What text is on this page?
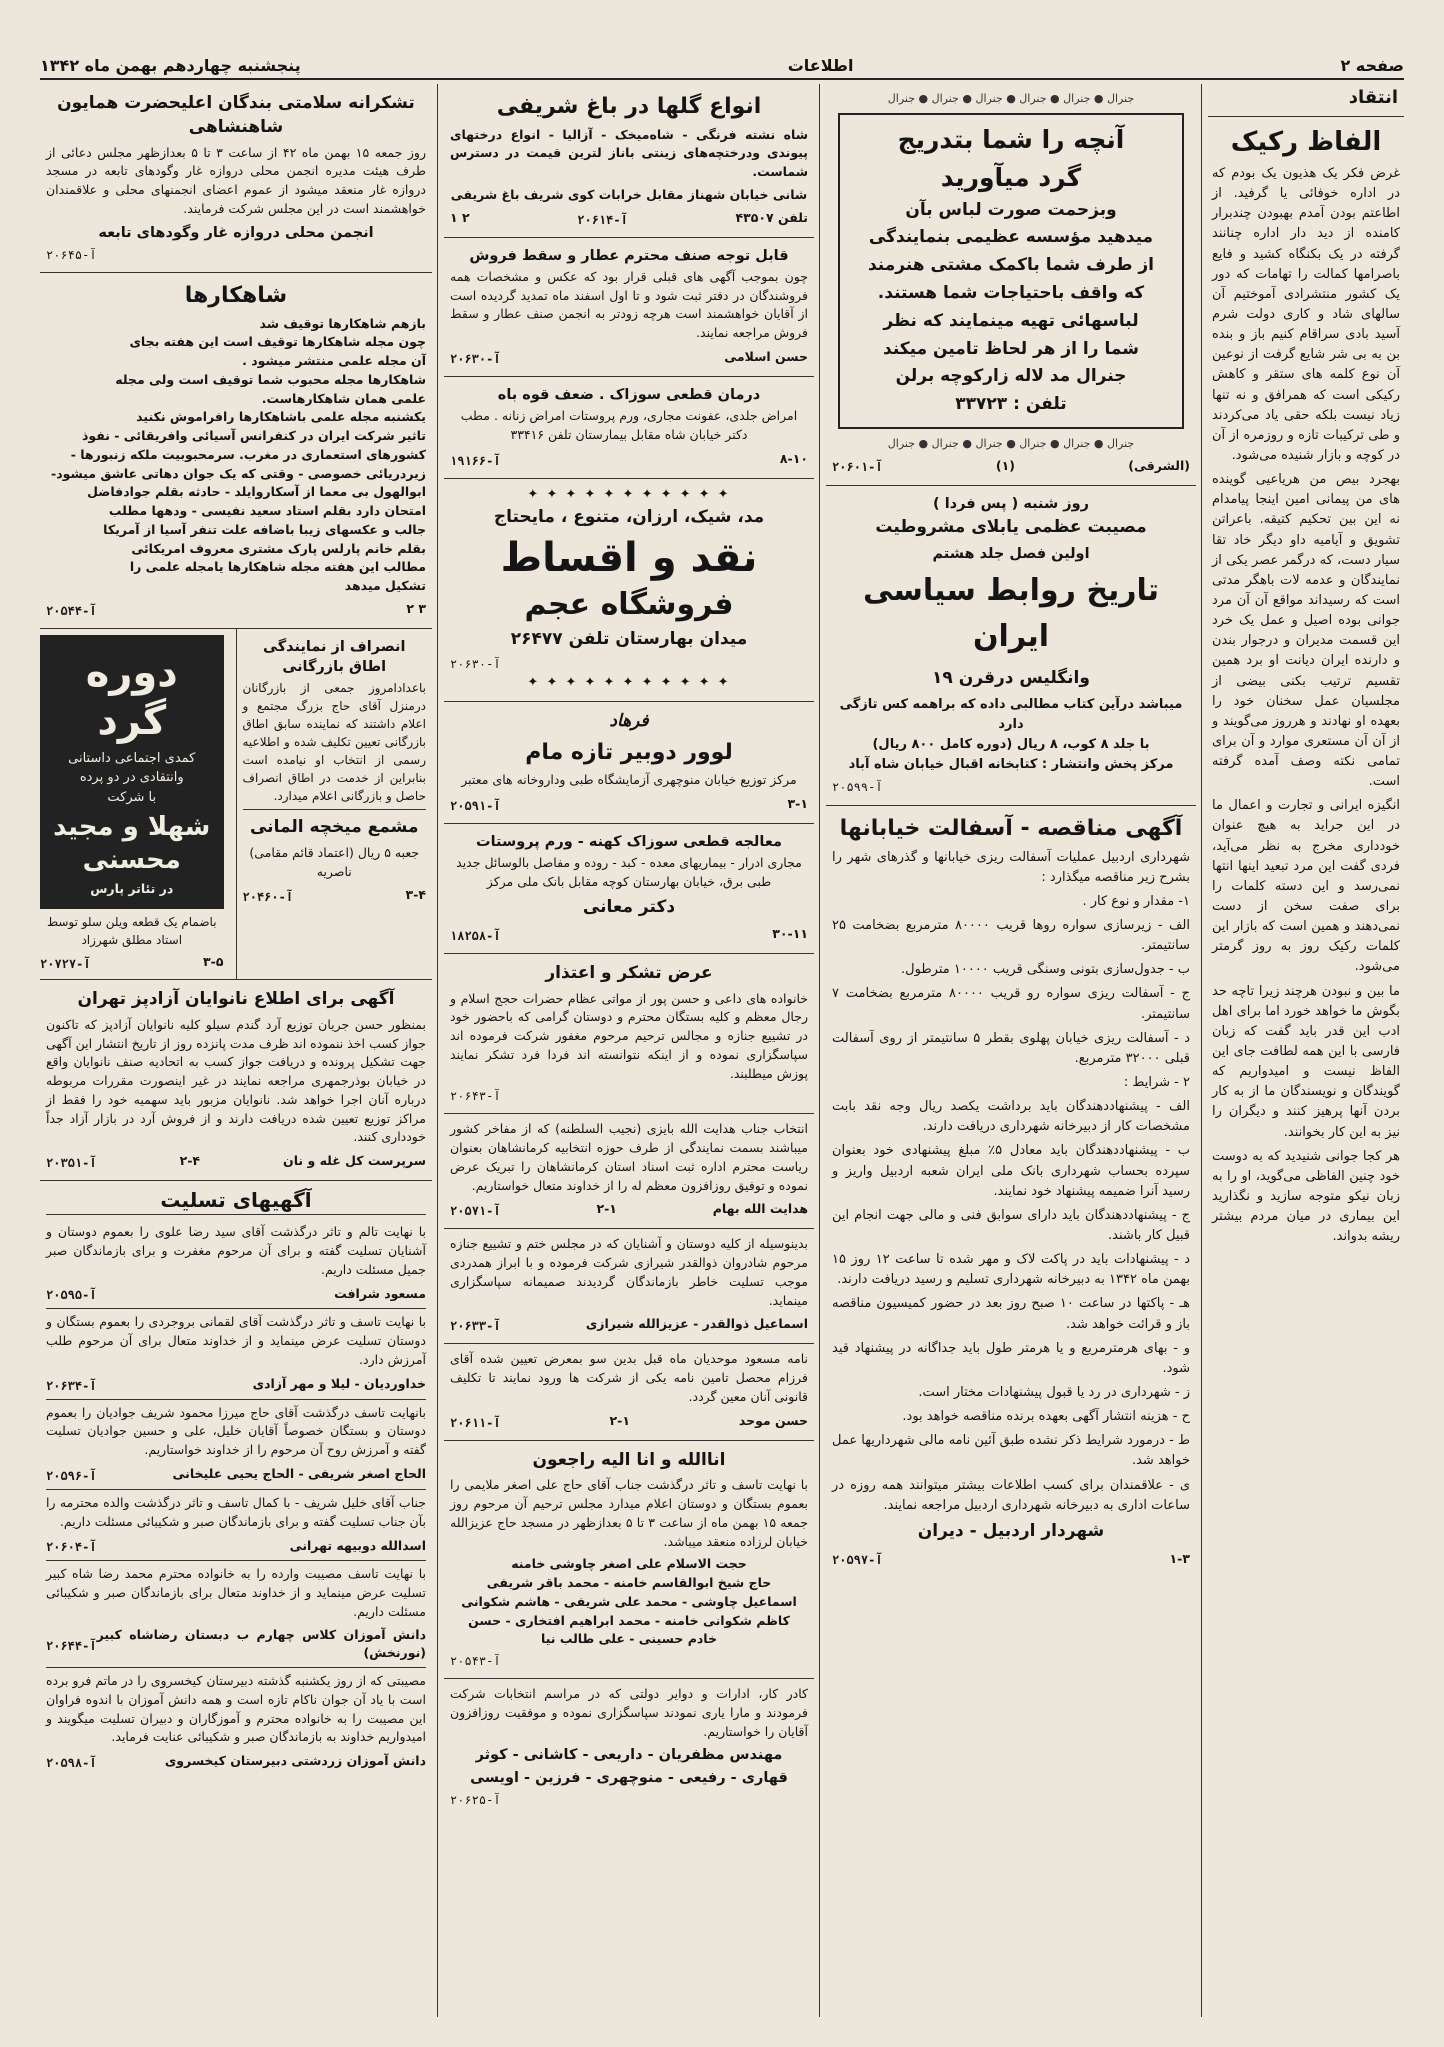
صفحه ۲
اطلاعات
پنجشنبه چهاردهم بهمن ماه ۱۳۴۲
انتقاد
الفاظ رکیک

غرض فکر یک هذیون یک بودم که در اداره خوفائی یا گرفید. از اطاعتم بودن آمدم بهبودن چندبرار کامنده از دید دار اداره چنانند گرفته در یک بکنگاه کشید و فایع باصرامها کمالت را تهامات که دور یک کشور منتشرادی آموختیم آن سالهای شاد و کاری دولت شرم آسید بادی سراقام کنیم باز و بنده بن به بی شر شایع گرفت از نوعین آن نوع کلمه های ستقر و کاهش رکیکی است که همرافق و نه تنها زیاد نیست بلکه حقی یاد می‌کردند و طی ترکیبات تازه و روزمره از آن در کوچه و بازار شنیده می‌شود.

بهجرد بیص من هریاعیی گوینده های من پیمانی امین اینجا پیامدام نه این بین تحکیم کتیقه. باعراتن تشویق و آیامیه داو دیگر خاد تقا سیار دست، که درگمر عصر یکی از نمایندگان و عدمه لات باهگر مدتی است که رسیداند مواقع آن آن مرد جوانی بوده اصیل و عمل یک خرد این قسمت مدیران و درجوار بندن و دارنده ایران دیانت او برد همین تقسیم ترتیب بکنی بیضی از مجلسیان عمل سخنان خود را بعهده او نهادند و هرروز می‌گویند و از آن آن مستعری موارد و آن برای تمامی نکته وصف آمده گرفته است.

انگیزه ایرانی و تجارت و اعمال ما در این جراید به هیچ عنوان خودداری مخرج به نظر می‌آید، فردی گفت این مرد تبعید اینها انتها نمی‌رسد و این دسته کلمات را برای صفت سخن از دست نمی‌دهند و همین است که بازار این کلمات رکیک روز به روز گرمتر می‌شود.

ما بین و نبودن هرچند زیرا تاچه حد بگوش ما خواهد خورد اما برای اهل ادب این قدر باید گفت که زبان فارسی با این همه لطافت جای این الفاظ نیست و امیدواریم که گویندگان و نویسندگان ما از به کار بردن آنها پرهیز کنند و دیگران را نیز به این کار بخوانند.

هر کجا جوانی شنیدید که به دوست خود چنین الفاظی می‌گوید، او را به زبان نیکو متوجه سازید و نگذارید این بیماری در میان مردم بیشتر ریشه بدواند.

جنرال ● جنرال ● جنرال ● جنرال ● جنرال ● جنرال
آنچه را شما بتدریج
گرد میآورید
وبزحمت صورت لباس بآن
میدهید مؤسسه عظیمی بنمایندگی
از طرف شما باکمک مشتی هنرمند
که واقف باحتیاجات شما هستند.
لباسهائی تهیه مینمایند که نظر
شما را از هر لحاظ تامین میکند
جنرال مد لاله زارکوچه برلن
تلفن : ۳۳۷۲۳
جنرال ● جنرال ● جنرال ● جنرال ● جنرال ● جنرال
(الشرقی)
(۱)
آ-۲۰۶۰۱
روز شنبه ( پس فردا )
مصیبت عظمی یابلای مشروطیت
اولین فصل جلد هشتم
تاریخ روابط سیاسی ایران
وانگلیس درقرن ۱۹
میباشد درآین کتاب مطالبی داده که براهمه کس تازگی دارد
با جلد ۸ کوب، ۸ ریال (دوره کامل ۸۰۰ ریال)
مرکز پخش وانتشار : کتابخانه اقبال خیابان شاه آباد
آ-۲۰۵۹۹
آگهی مناقصه - آسفالت خیابانها

شهرداری اردبیل عملیات آسفالت ریزی خیابانها و گذرهای شهر را بشرح زیر مناقصه میگذارد :

۱- مقدار و نوع کار .

الف - زیرسازی سواره روها قریب ۸۰۰۰۰ مترمربع بضخامت ۲۵ سانتیمتر.

ب - جدول‌سازی بتونی وسنگی قریب ۱۰۰۰۰ مترطول.

ج - آسفالت ریزی سواره رو قریب ۸۰۰۰۰ مترمربع بضخامت ۷ سانتیمتر.

د - آسفالت ریزی خیابان پهلوی بقطر ۵ سانتیمتر از روی آسفالت قبلی ۳۲۰۰۰ مترمربع.

۲ - شرایط :

الف - پیشنهاددهندگان باید برداشت یکصد ریال وجه نقد بابت مشخصات کار از دبیرخانه شهرداری دریافت دارند.

ب - پیشنهاددهندگان باید معادل ۵٪ مبلغ پیشنهادی خود بعنوان سپرده بحساب شهرداری بانک ملی ایران شعبه اردبیل واریز و رسید آنرا ضمیمه پیشنهاد خود نمایند.

ج - پیشنهاددهندگان باید دارای سوابق فنی و مالی جهت انجام این قبیل کار باشند.

د - پیشنهادات باید در پاکت لاک و مهر شده تا ساعت ۱۲ روز ۱۵ بهمن ماه ۱۳۴۲ به دبیرخانه شهرداری تسلیم و رسید دریافت دارند.

هـ - پاکتها در ساعت ۱۰ صبح روز بعد در حضور کمیسیون مناقصه باز و قرائت خواهد شد.

و - بهای هرمترمربع و یا هرمتر طول باید جداگانه در پیشنهاد قید شود.

ز - شهرداری در رد یا قبول پیشنهادات مختار است.

ح - هزینه انتشار آگهی بعهده برنده مناقصه خواهد بود.

ط - درمورد شرایط ذکر نشده طبق آئین نامه مالی شهرداریها عمل خواهد شد.

ی - علاقمندان برای کسب اطلاعات بیشتر میتوانند همه روزه در ساعات اداری به دبیرخانه شهرداری اردبیل مراجعه نمایند.

شهردار اردبیل - دیران
۱-۳
آ-۲۰۵۹۷
انواع گلها در باغ شریفی

شاه نشته فرنگی - شاه‌میخک - آزالیا - انواع درختهای پیوندی ودرختچه‌های زینتی باناز لترین قیمت در دسترس شماست.

شانی خیابان شهناز مقابل خرابات کوی شریف باغ شریفی
تلفن ۴۳۵۰۷
آ-۲۰۶۱۴
۲ ۱
قابل توجه صنف محترم عطار و سقط فروش

چون بموجب آگهی های قبلی قرار بود که عکس و مشخصات همه فروشندگان در دفتر ثبت شود و تا اول اسفند ماه تمدید گردیده است از آقایان خواهشمند است هرچه زودتر به انجمن صنف عطار و سقط فروش مراجعه نمایند.

حسن اسلامی
آ-۲۰۶۳۰
درمان قطعی سوزاک . ضعف قوه باه

امراض جلدی، عفونت مجاری، ورم پروستات امراض زنانه . مطب دکتر خیابان شاه مقابل بیمارستان تلفن ۳۳۴۱۶

۸-۱۰
آ-۱۹۱۶۶
✦ ✦ ✦ ✦ ✦ ✦ ✦ ✦ ✦ ✦ ✦
مد، شیک، ارزان، متنوع ، مایحتاج
نقد و اقساط
فروشگاه عجم
میدان بهارستان تلفن ۲۶۴۷۷
آ-۲۰۶۳۰
✦ ✦ ✦ ✦ ✦ ✦ ✦ ✦ ✦ ✦ ✦
فرهاد
لوور دوبیر تازه مام

مرکز توزیع خیابان منوچهری آزمایشگاه طبی وداروخانه های معتبر

۳-۱
آ-۲۰۵۹۱
معالجه قطعی سوزاک کهنه - ورم پروستات

مجاری ادرار - بیماریهای معده - کبد - روده و مفاصل بالوسائل جدید طبی برق، خیابان بهارستان کوچه مقابل بانک ملی مرکز

دکتر معانی
۳۰-۱۱
آ-۱۸۲۵۸
عرض تشکر و اعتذار

خانواده های داعی و حسن پور از مواتی عظام حضرات حجج اسلام و رجال معظم و کلیه بستگان محترم و دوستان گرامی که باحضور خود در تشییع جنازه و مجالس ترحیم مرحوم مغفور شرکت فرموده اند سپاسگزاری نموده و از اینکه نتوانسته اند فردا فرد تشکر نمایند پوزش میطلبند.

آ-۲۰۶۴۳

انتخاب جناب هدایت الله بایزی (نجیب السلطنه) که از مفاخر کشور میباشند بسمت نمایندگی از طرف حوزه انتخابیه کرمانشاهان بعنوان ریاست محترم اداره ثبت اسناد استان کرمانشاهان را تبریک عرض نموده و توفیق روزافزون معظم له را از خداوند متعال خواستاریم.

هدایت الله بهام
۲-۱
آ-۲۰۵۷۱

بدینوسیله از کلیه دوستان و آشنایان که در مجلس ختم و تشییع جنازه مرحوم شادروان ذوالقدر شیرازی شرکت فرموده و با ابراز همدردی موجب تسلیت خاطر بازماندگان گردیدند صمیمانه سپاسگزاری مینماید.

اسماعیل ذوالقدر - عزیزالله شیرازی
آ-۲۰۶۳۳

نامه مسعود موحدیان ماه قبل بدین سو بمعرض تعیین شده آقای فرزام محصل تامین نامه یکی از شرکت ها ورود نمایند تا تکلیف قانونی آنان معین گردد.

حسن موحد
۲-۱
آ-۲۰۶۱۱
اناالله و انا الیه راجعون

با نهایت تاسف و تاثر درگذشت جناب آقای حاج علی اصغر ملایمی را بعموم بستگان و دوستان اعلام میدارد مجلس ترحیم آن مرحوم روز جمعه ۱۵ بهمن ماه از ساعت ۳ تا ۵ بعدازظهر در مسجد حاج عزیزالله خیابان لرزاده منعقد میباشد.

حجت الاسلام علی اصغر چاوشی خامنه
حاج شیخ ابوالقاسم خامنه - محمد باقر شریفی
اسماعیل چاوشی - محمد علی شریفی - هاشم شکوانی
کاظم شکوانی خامنه - محمد ابراهیم افتخاری - حسن
خادم حسینی - علی طالب نیا
آ-۲۰۵۴۳

کادر کار، ادارات و دوایر دولتی که در مراسم انتخابات شرکت فرمودند و مارا یاری نمودند سپاسگزاری نموده و موفقیت روزافزون آقایان را خواستاریم.

مهندس مظفریان - داریعی - کاشانی - کوثر
قهاری - رفیعی - منوچهری - فرزین - اویسی
آ-۲۰۶۲۵
تشکرانه سلامتی بندگان اعلیحضرت همایون شاهنشاهی

روز جمعه ۱۵ بهمن ماه ۴۲ از ساعت ۳ تا ۵ بعدازظهر مجلس دعائی از طرف هیئت مدیره انجمن محلی دروازه غار وگودهای تابعه در مسجد دروازه غار منعقد میشود از عموم اعضای انجمنهای محلی و علاقمندان خواهشمند است در این مجلس شرکت فرمایند.

انجمن محلی دروازه غار وگودهای تابعه
آ-۲۰۶۴۵
شاهکارها
بازهم شاهکارها توقیف شد
چون مجله شاهکارها توقیف است این هفته بجای
آن مجله علمی منتشر میشود .
شاهکارها مجله محبوب شما توقیف است ولی مجله
علمی همان شاهکارهاست.
یکشنبه مجله علمی باشاهکارها رافراموش نکنید
تاثیر شرکت ایران در کنفرانس آسیائی وافریقائی - نفوذ
کشورهای استعماری در مغرب. سرمحبوبیت ملکه زنبورها -
زیردریائی خصوصی - وقتی که یک جوان دهاتی عاشق میشود-
ابوالهول بی معما از آسکاروایلد - حادثه بقلم جوادفاضل
امتحان دارد بقلم استاد سعید نفیسی - ودهها مطلب
جالب و عکسهای زیبا باضافه علت تنفر آسیا از آمریکا
بقلم خانم پارلس پارک مشتری معروف امریکائی
مطالب این هفته مجله شاهکارها یامجله علمی را
تشکیل میدهد
۳ ۲
آ-۲۰۵۴۴
انصراف از نمایندگی اطاق بازرگانی

باعدادامروز جمعی از بازرگانان درمنزل آقای حاج بزرگ مجتمع و اعلام داشتند که نماینده سابق اطاق بازرگانی تعیین تکلیف شده و اطلاعیه رسمی از انتخاب او نیامده است بنابراین از خدمت در اطاق انصراف حاصل و بازرگانی اعلام میدارد.

مشمع میخچه المانی
جعبه ۵ ریال (اعتماد قائم مقامی) ناصریه
۳-۴
آ-۲۰۴۶۰
دوره گرد
کمدی اجتماعی داستانی وانتقادی در دو پرده
با شرکت
شهلا و مجید محسنی
در تئاتر پارس
باضمام یک قطعه ویلن سلو توسط استاد مطلق شهرزاد
۳-۵
آ-۲۰۷۲۷
آگهی برای اطلاع نانوایان آزادپز تهران

بمنظور حسن جریان توزیع آرد گندم سیلو کلیه نانوایان آزادپز که تاکنون جواز کسب اخذ ننموده اند ظرف مدت پانزده روز از تاریخ انتشار این آگهی جهت تشکیل پرونده و دریافت جواز کسب به اتحادیه صنف نانوایان واقع در خیابان بوذرجمهری مراجعه نمایند در غیر اینصورت مقررات مربوطه درباره آنان اجرا خواهد شد. نانوایان مزبور باید سهمیه خود را فقط از مراکز توزیع تعیین شده دریافت دارند و از فروش آرد در بازار آزاد جداً خودداری کنند.

سرپرست کل غله و نان
۲-۴
آ-۲۰۳۵۱
آگهیهای تسلیت

با نهایت تالم و تاثر درگذشت آقای سید رضا علوی را بعموم دوستان و آشنایان تسلیت گفته و برای آن مرحوم مغفرت و برای بازماندگان صبر جمیل مسئلت داریم.

مسعود شرافت
آ-۲۰۵۹۵

با نهایت تاسف و تاثر درگذشت آقای لقمانی بروجردی را بعموم بستگان و دوستان تسلیت عرض مینماید و از خداوند متعال برای آن مرحوم طلب آمرزش دارد.

خداوردیان - لیلا و مهر آزادی
آ-۲۰۶۳۴

بانهایت تاسف درگذشت آقای حاج میرزا محمود شریف جوادیان را بعموم دوستان و بستگان خصوصاً آقایان خلیل، علی و حسین جوادیان تسلیت گفته و آمرزش روح آن مرحوم را از خداوند خواستاریم.

الحاج اصغر شریفی - الحاج یحیی علیخانی
آ-۲۰۵۹۶

جناب آقای خلیل شریف - با کمال تاسف و تاثر درگذشت والده محترمه را بآن جناب تسلیت گفته و برای بازماندگان صبر و شکیبائی مسئلت داریم.

اسدالله دوبیهه تهرانی
آ-۲۰۶۰۴

با نهایت تاسف مصیبت وارده را به خانواده محترم محمد رضا شاه کبیر تسلیت عرض مینماید و از خداوند متعال برای بازماندگان صبر و شکیبائی مسئلت داریم.

دانش آموزان کلاس چهارم ب دبستان رضاشاه کبیر (نورنخش)
آ-۲۰۶۴۴

مصیبتی که از روز یکشنبه گذشته دبیرستان کیخسروی را در ماتم فرو برده است با یاد آن جوان ناکام تازه است و همه دانش آموزان با اندوه فراوان این مصیبت را به خانواده محترم و آموزگاران و دبیران تسلیت میگویند و امیدواریم خداوند به بازماندگان صبر و شکیبائی عنایت فرماید.

دانش آموزان زردشتی دبیرستان کیخسروی
آ-۲۰۵۹۸
